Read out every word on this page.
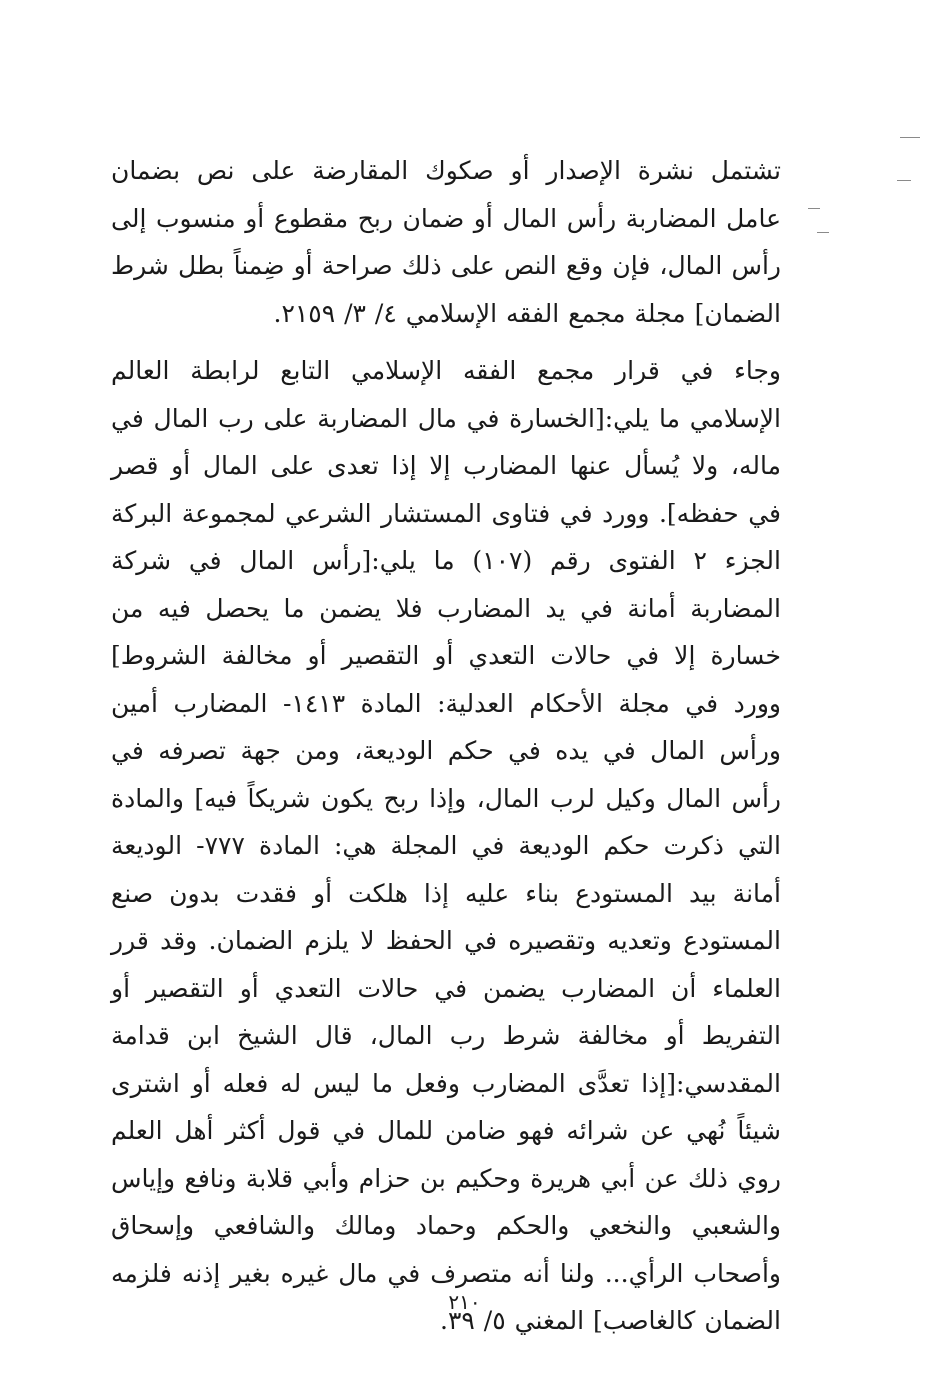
تشتمل نشرة الإصدار أو صكوك المقارضة على نص بضمان عامل المضاربة رأس المال أو ضمان ربح مقطوع أو منسوب إلى رأس المال، فإن وقع النص على ذلك صراحة أو ضِمناً بطل شرط الضمان] مجلة مجمع الفقه الإسلامي ٤/ ٣/ ٢١٥٩.

وجاء في قرار مجمع الفقه الإسلامي التابع لرابطة العالم الإسلامي ما يلي:[الخسارة في مال المضاربة على رب المال في ماله، ولا يُسأل عنها المضارب إلا إذا تعدى على المال أو قصر في حفظه]. وورد في فتاوى المستشار الشرعي لمجموعة البركة الجزء ٢ الفتوى رقم (١٠٧) ما يلي:[رأس المال في شركة المضاربة أمانة في يد المضارب فلا يضمن ما يحصل فيه من خسارة إلا في حالات التعدي أو التقصير أو مخالفة الشروط] وورد في مجلة الأحكام العدلية: المادة ١٤١٣- المضارب أمين ورأس المال في يده في حكم الوديعة، ومن جهة تصرفه في رأس المال وكيل لرب المال، وإذا ربح يكون شريكاً فيه] والمادة التي ذكرت حكم الوديعة في المجلة هي: المادة ٧٧٧- الوديعة أمانة بيد المستودع بناء عليه إذا هلكت أو فقدت بدون صنع المستودع وتعديه وتقصيره في الحفظ لا يلزم الضمان. وقد قرر العلماء أن المضارب يضمن في حالات التعدي أو التقصير أو التفريط أو مخالفة شرط رب المال، قال الشيخ ابن قدامة المقدسي:[إذا تعدَّى المضارب وفعل ما ليس له فعله أو اشترى شيئاً نُهي عن شرائه فهو ضامن للمال في قول أكثر أهل العلم روي ذلك عن أبي هريرة وحكيم بن حزام وأبي قلابة ونافع وإياس والشعبي والنخعي والحكم وحماد ومالك والشافعي وإسحاق وأصحاب الرأي... ولنا أنه متصرف في مال غيره بغير إذنه فلزمه الضمان كالغاصب] المغني ٥/ ٣٩.

٢١٠
